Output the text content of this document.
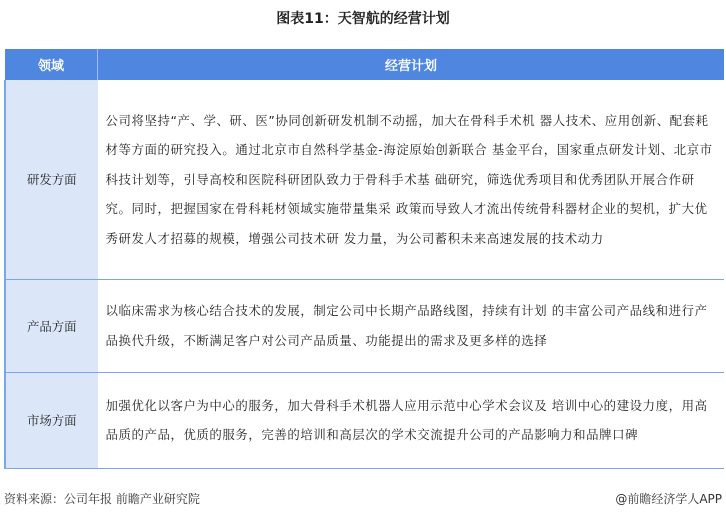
图表11：天智航的经营计划
领域	经营计划
研发方面	公司将坚持“产、学、研、医”协同创新研发机制不动摇，加大在骨科手术机 器人技术、应用创新、配套耗材等方面的研究投入。通过北京市自然科学基金-海淀原始创新联合 基金平台，国家重点研发计划、北京市科技计划等，引导高校和医院科研团队致力于骨科手术基 础研究，筛选优秀项目和优秀团队开展合作研究。同时，把握国家在骨科耗材领域实施带量集采 政策而导致人才流出传统骨科器材企业的契机，扩大优秀研发人才招募的规模，增强公司技术研 发力量，为公司蓄积未来高速发展的技术动力
产品方面	以临床需求为核心结合技术的发展，制定公司中长期产品路线图，持续有计划 的丰富公司产品线和进行产品换代升级，不断满足客户对公司产品质量、功能提出的需求及更多样的选择
市场方面	加强优化以客户为中心的服务，加大骨科手术机器人应用示范中心学术会议及 培训中心的建设力度，用高品质的产品，优质的服务，完善的培训和高层次的学术交流提升公司的产品影响力和品牌口碑
资料来源：公司年报 前瞻产业研究院	@前瞻经济学人APP
